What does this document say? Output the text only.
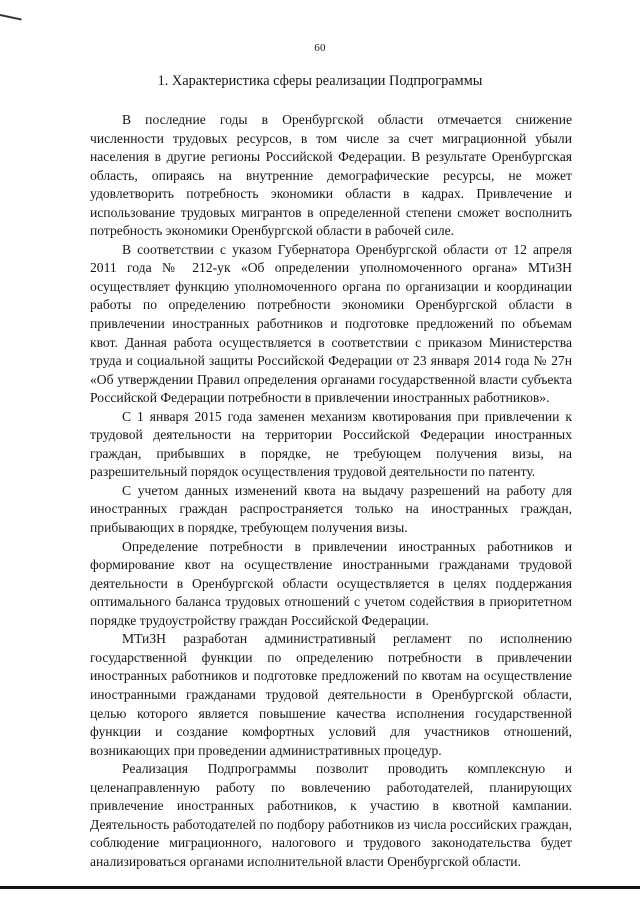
60
1. Характеристика сферы реализации Подпрограммы

В последние годы в Оренбургской области отмечается снижение численности трудовых ресурсов, в том числе за счет миграционной убыли населения в другие регионы Российской Федерации. В результате Оренбургская область, опираясь на внутренние демографические ресурсы, не может удовлетворить потребность экономики области в кадрах. Привлечение и использование трудовых мигрантов в определенной степени сможет восполнить потребность экономики Оренбургской области в рабочей силе.

В соответствии с указом Губернатора Оренбургской области от 12 апреля 2011 года № 212-ук «Об определении уполномоченного органа» МТиЗН осуществляет функцию уполномоченного органа по организации и координации работы по определению потребности экономики Оренбургской области в привлечении иностранных работников и подготовке предложений по объемам квот. Данная работа осуществляется в соответствии с приказом Министерства труда и социальной защиты Российской Федерации от 23 января 2014 года № 27н «Об утверждении Правил определения органами государственной власти субъекта Российской Федерации потребности в привлечении иностранных работников».

С 1 января 2015 года заменен механизм квотирования при привлечении к трудовой деятельности на территории Российской Федерации иностранных граждан, прибывших в порядке, не требующем получения визы, на разрешительный порядок осуществления трудовой деятельности по патенту.

С учетом данных изменений квота на выдачу разрешений на работу для иностранных граждан распространяется только на иностранных граждан, прибывающих в порядке, требующем получения визы.

Определение потребности в привлечении иностранных работников и формирование квот на осуществление иностранными гражданами трудовой деятельности в Оренбургской области осуществляется в целях поддержания оптимального баланса трудовых отношений с учетом содействия в приоритетном порядке трудоустройству граждан Российской Федерации.

МТиЗН разработан административный регламент по исполнению государственной функции по определению потребности в привлечении иностранных работников и подготовке предложений по квотам на осуществление иностранными гражданами трудовой деятельности в Оренбургской области, целью которого является повышение качества исполнения государственной функции и создание комфортных условий для участников отношений, возникающих при проведении административных процедур.

Реализация Подпрограммы позволит проводить комплексную и целенаправленную работу по вовлечению работодателей, планирующих привлечение иностранных работников, к участию в квотной кампании. Деятельность работодателей по подбору работников из числа российских граждан, соблюдение миграционного, налогового и трудового законодательства будет анализироваться органами исполнительной власти Оренбургской области.
